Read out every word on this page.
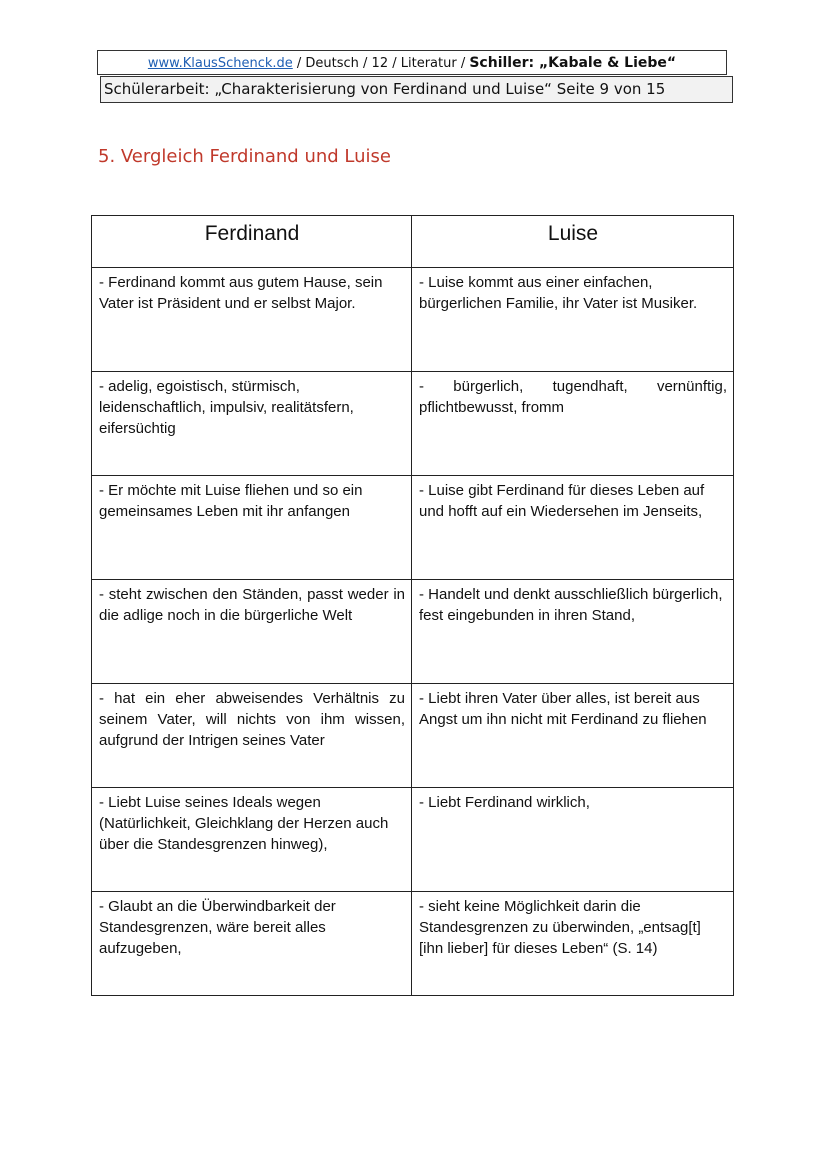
www.KlausSchenck.de / Deutsch / 12 / Literatur / Schiller: „Kabale & Liebe“
Schülerarbeit: „Charakterisierung von Ferdinand und Luise“ Seite 9 von 15
5. Vergleich Ferdinand und Luise
Ferdinand	Luise
- Ferdinand kommt aus gutem Hause, sein Vater ist Präsident und er selbst Major.	- Luise kommt aus einer einfachen, bürgerlichen Familie, ihr Vater ist Musiker.
- adelig, egoistisch, stürmisch, leidenschaftlich, impulsiv, realitätsfern, eifersüchtig	- bürgerlich, tugendhaft, vernünftig, pflichtbewusst, fromm
- Er möchte mit Luise fliehen und so ein gemeinsames Leben mit ihr anfangen	- Luise gibt Ferdinand für dieses Leben auf und hofft auf ein Wiedersehen im Jenseits,
- steht zwischen den Ständen, passt weder in die adlige noch in die bürgerliche Welt	- Handelt und denkt ausschließlich bürgerlich, fest eingebunden in ihren Stand,
- hat ein eher abweisendes Verhältnis zu seinem Vater, will nichts von ihm wissen, aufgrund der Intrigen seines Vater	- Liebt ihren Vater über alles, ist bereit aus Angst um ihn nicht mit Ferdinand zu fliehen
- Liebt Luise seines Ideals wegen (Natürlichkeit, Gleichklang der Herzen auch über die Standesgrenzen hinweg),	- Liebt Ferdinand wirklich,
- Glaubt an die Überwindbarkeit der Standesgrenzen, wäre bereit alles aufzugeben,	- sieht keine Möglichkeit darin die Standesgrenzen zu überwinden, „entsag[t] [ihn lieber] für dieses Leben“ (S. 14)
